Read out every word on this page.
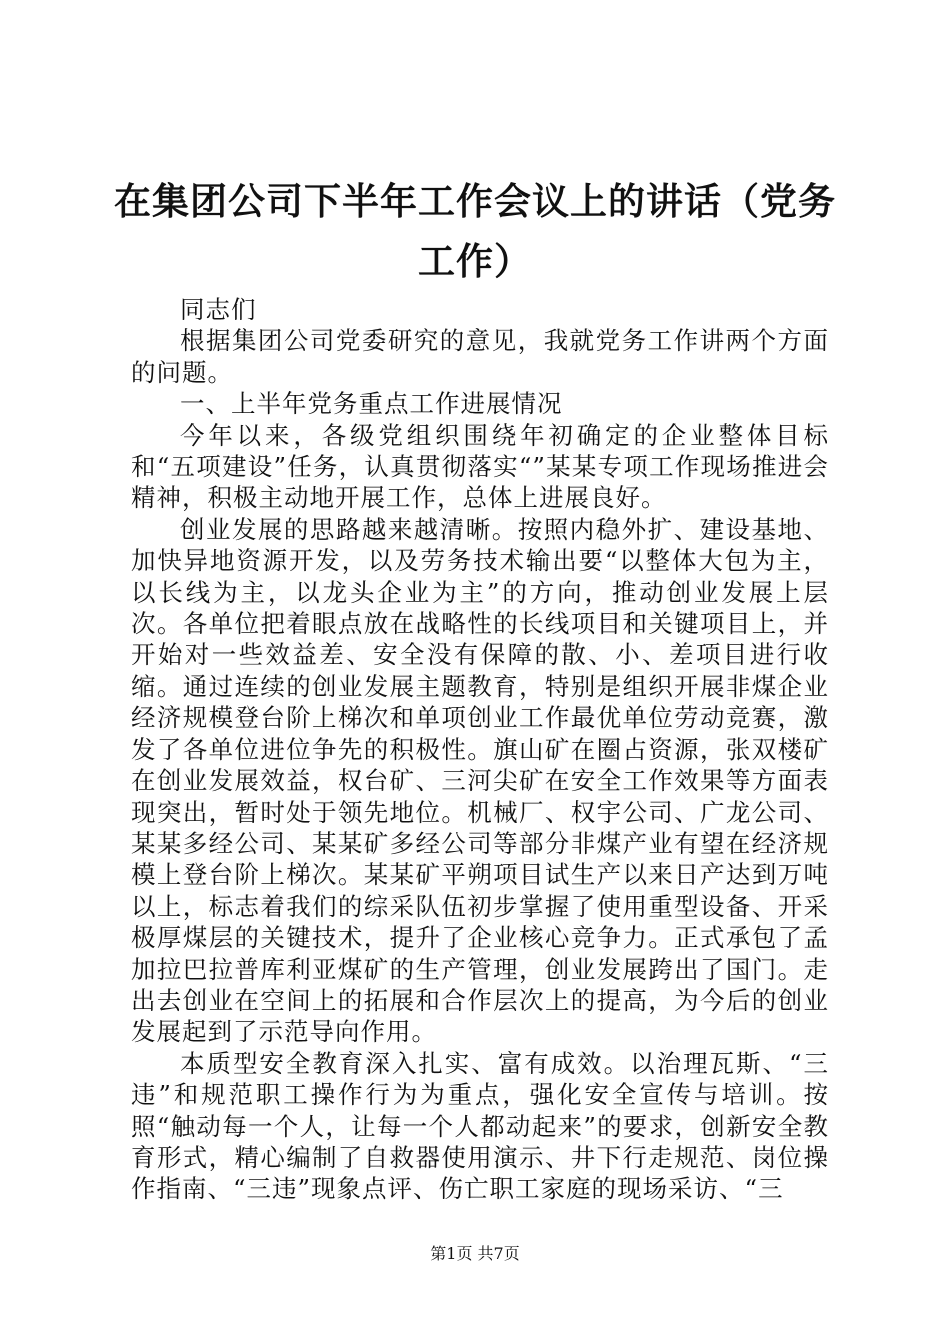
在集团公司下半年工作会议上的讲话（党务工作）

同志们

根据集团公司党委研究的意见，我就党务工作讲两个方面的问题。

一、上半年党务重点工作进展情况

今年以来，各级党组织围绕年初确定的企业整体目标和“五项建设”任务，认真贯彻落实“”某某专项工作现场推进会精神，积极主动地开展工作，总体上进展良好。

创业发展的思路越来越清晰。按照内稳外扩、建设基地、加快异地资源开发，以及劳务技术输出要“以整体大包为主，以长线为主，以龙头企业为主”的方向，推动创业发展上层次。各单位把着眼点放在战略性的长线项目和关键项目上，并开始对一些效益差、安全没有保障的散、小、差项目进行收缩。通过连续的创业发展主题教育，特别是组织开展非煤企业经济规模登台阶上梯次和单项创业工作最优单位劳动竞赛，激发了各单位进位争先的积极性。旗山矿在圈占资源，张双楼矿在创业发展效益，权台矿、三河尖矿在安全工作效果等方面表现突出，暂时处于领先地位。机械厂、权宇公司、广龙公司、某某多经公司、某某矿多经公司等部分非煤产业有望在经济规模上登台阶上梯次。某某矿平朔项目试生产以来日产达到万吨以上，标志着我们的综采队伍初步掌握了使用重型设备、开采极厚煤层的关键技术，提升了企业核心竞争力。正式承包了孟加拉巴拉普库利亚煤矿的生产管理，创业发展跨出了国门。走出去创业在空间上的拓展和合作层次上的提高，为今后的创业发展起到了示范导向作用。

本质型安全教育深入扎实、富有成效。以治理瓦斯、“三违”和规范职工操作行为为重点，强化安全宣传与培训。按照“触动每一个人，让每一个人都动起来”的要求，创新安全教育形式，精心编制了自救器使用演示、井下行走规范、岗位操作指南、“三违”现象点评、伤亡职工家庭的现场采访、“三

第1页 共7页
